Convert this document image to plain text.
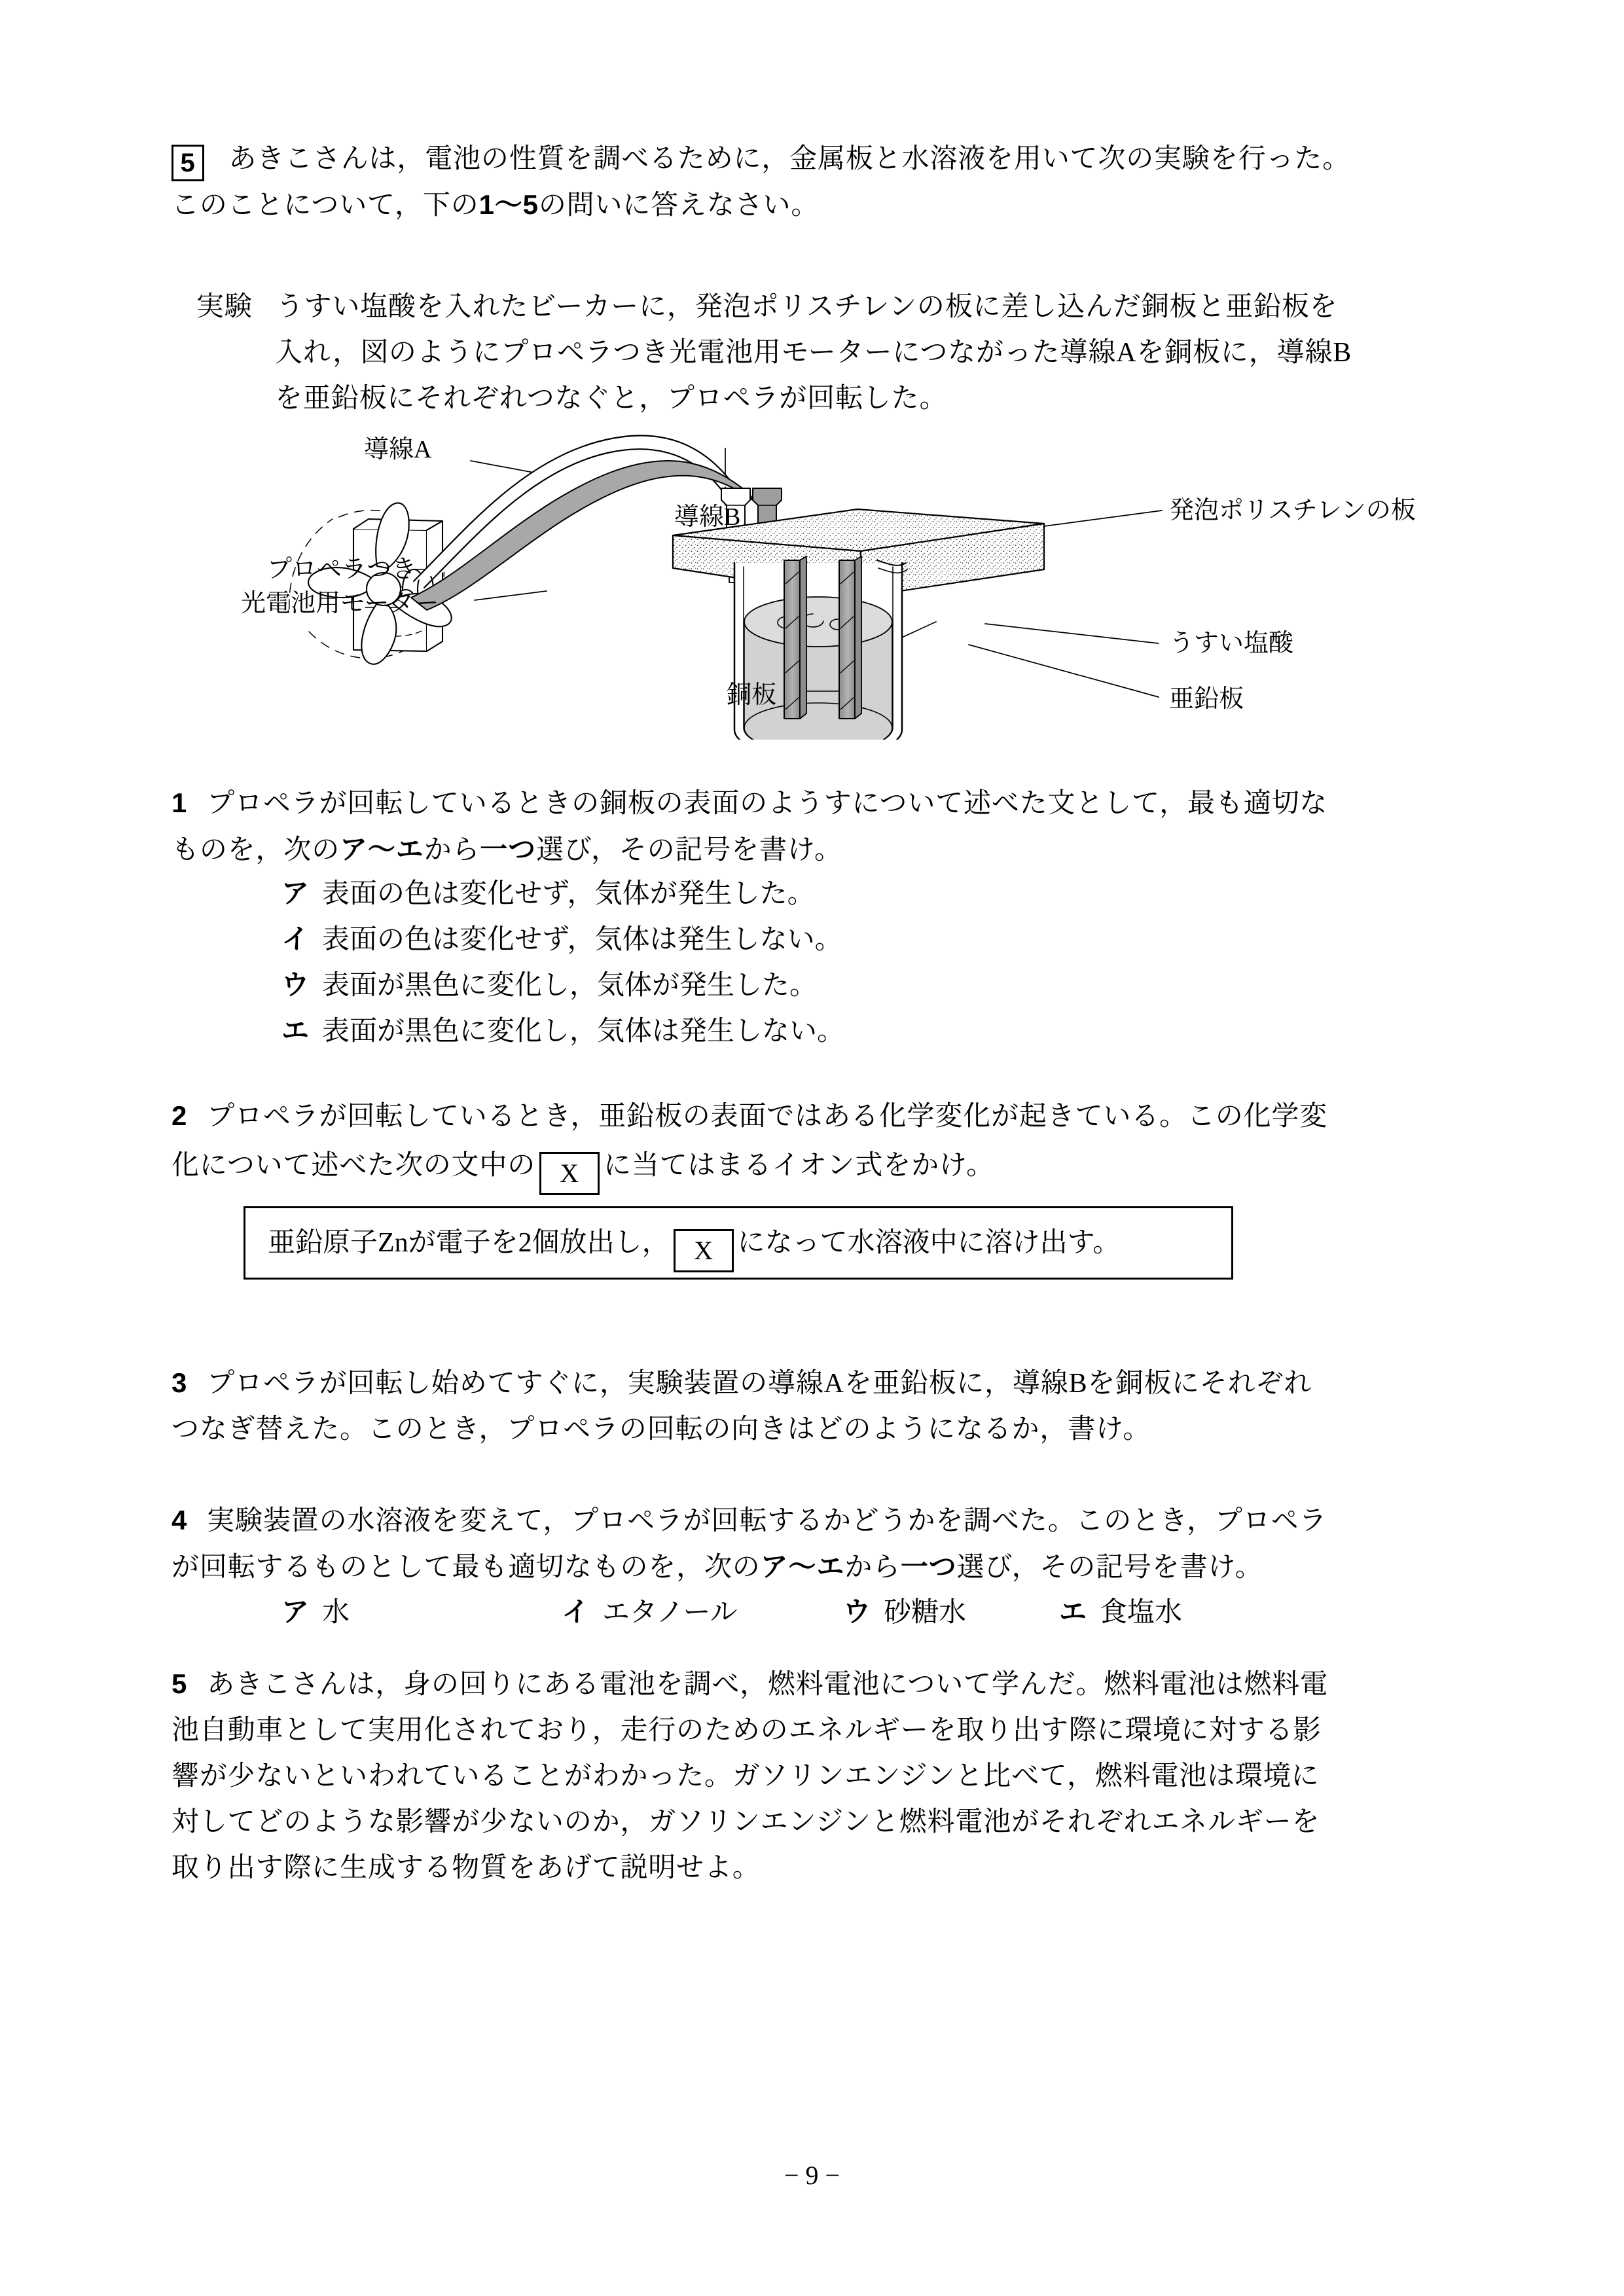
5 あきこさんは，電池の性質を調べるために，金属板と水溶液を用いて次の実験を行った。
このことについて，下の1〜5の問いに答えなさい。
実験 うすい塩酸を入れたビーカーに，発泡ポリスチレンの板に差し込んだ銅板と亜鉛板を
入れ，図のようにプロペラつき光電池用モーターにつながった導線Aを銅板に，導線B
を亜鉛板にそれぞれつなぐと，プロペラが回転した。
導線A
プロペラつき
光電池用モーター
導線B	発泡ポリスチレンの板
うすい塩酸
銅板	亜鉛板
1 プロペラが回転しているときの銅板の表面のようすについて述べた文として，最も適切な
ものを，次のア〜エから一つ選び，その記号を書け。
ア 表面の色は変化せず，気体が発生した。
イ 表面の色は変化せず，気体は発生しない。
ウ 表面が黒色に変化し，気体が発生した。
エ 表面が黒色に変化し，気体は発生しない。
2 プロペラが回転しているとき，亜鉛板の表面ではある化学変化が起きている。この化学変
化について述べた次の文中の X に当てはまるイオン式をかけ。
亜鉛原子Znが電子を2個放出し， X になって水溶液中に溶け出す。
3 プロペラが回転し始めてすぐに，実験装置の導線Aを亜鉛板に，導線Bを銅板にそれぞれ
つなぎ替えた。このとき，プロペラの回転の向きはどのようになるか，書け。
4 実験装置の水溶液を変えて，プロペラが回転するかどうかを調べた。このとき，プロペラ
が回転するものとして最も適切なものを，次のア〜エから一つ選び，その記号を書け。
ア 水	イ エタノール	ウ 砂糖水	エ 食塩水
5 あきこさんは，身の回りにある電池を調べ，燃料電池について学んだ。燃料電池は燃料電
池自動車として実用化されており，走行のためのエネルギーを取り出す際に環境に対する影
響が少ないといわれていることがわかった。ガソリンエンジンと比べて，燃料電池は環境に
対してどのような影響が少ないのか，ガソリンエンジンと燃料電池がそれぞれエネルギーを
取り出す際に生成する物質をあげて説明せよ。
− 9 −
